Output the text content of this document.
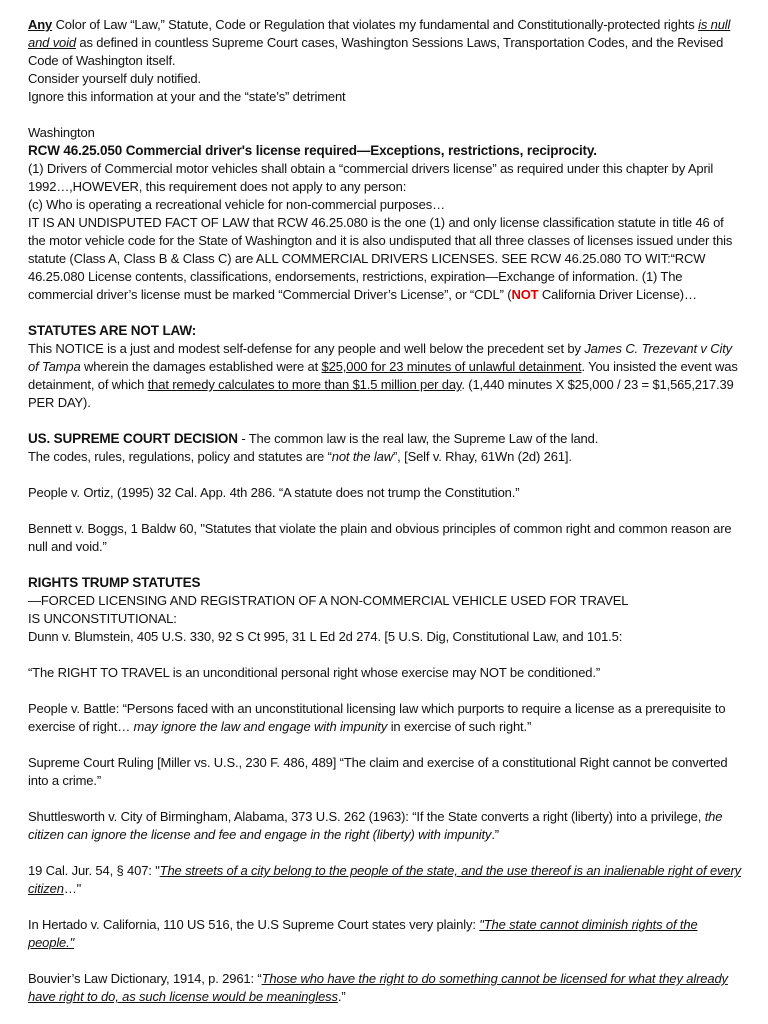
Any Color of Law “Law,” Statute, Code or Regulation that violates my fundamental and Constitutionally-protected rights is null and void as defined in countless Supreme Court cases, Washington Sessions Laws, Transportation Codes, and the Revised Code of Washington itself.

Consider yourself duly notified.

Ignore this information at your and the “state’s” detriment

Washington

RCW 46.25.050 Commercial driver's license required—Exceptions, restrictions, reciprocity.

(1) Drivers of Commercial motor vehicles shall obtain a “commercial drivers license” as required under this chapter by April 1992…,HOWEVER, this requirement does not apply to any person:

(c) Who is operating a recreational vehicle for non-commercial purposes…

IT IS AN UNDISPUTED FACT OF LAW that RCW 46.25.080 is the one (1) and only license classification statute in title 46 of the motor vehicle code for the State of Washington and it is also undisputed that all three classes of licenses issued under this statute (Class A, Class B & Class C) are ALL COMMERCIAL DRIVERS LICENSES. SEE RCW 46.25.080 TO WIT:“RCW 46.25.080 License contents, classifications, endorsements, restrictions, expiration—Exchange of information. (1) The commercial driver’s license must be marked “Commercial Driver’s License”, or “CDL” (NOT California Driver License)…

STATUTES ARE NOT LAW:

This NOTICE is a just and modest self-defense for any people and well below the precedent set by James C. Trezevant v City of Tampa wherein the damages established were at $25,000 for 23 minutes of unlawful detainment. You insisted the event was detainment, of which that remedy calculates to more than $1.5 million per day. (1,440 minutes X $25,000 / 23 = $1,565,217.39 PER DAY).

US. SUPREME COURT DECISION - The common law is the real law, the Supreme Law of the land.

The codes, rules, regulations, policy and statutes are “not the law”, [Self v. Rhay, 61Wn (2d) 261].

People v. Ortiz, (1995) 32 Cal. App. 4th 286. “A statute does not trump the Constitution.”

Bennett v. Boggs, 1 Baldw 60, "Statutes that violate the plain and obvious principles of common right and common reason are null and void.”

RIGHTS TRUMP STATUTES

—FORCED LICENSING AND REGISTRATION OF A NON-COMMERCIAL VEHICLE USED FOR TRAVEL

IS UNCONSTITUTIONAL:

Dunn v. Blumstein, 405 U.S. 330, 92 S Ct 995, 31 L Ed 2d 274. [5 U.S. Dig, Constitutional Law, and 101.5:

“The RIGHT TO TRAVEL is an unconditional personal right whose exercise may NOT be conditioned.”

People v. Battle: “Persons faced with an unconstitutional licensing law which purports to require a license as a prerequisite to exercise of right… may ignore the law and engage with impunity in exercise of such right.”

Supreme Court Ruling [Miller vs. U.S., 230 F. 486, 489] “The claim and exercise of a constitutional Right cannot be converted into a crime.”

Shuttlesworth v. City of Birmingham, Alabama, 373 U.S. 262 (1963): “If the State converts a right (liberty) into a privilege, the citizen can ignore the license and fee and engage in the right (liberty) with impunity.”

19 Cal. Jur. 54, § 407: "The streets of a city belong to the people of the state, and the use thereof is an inalienable right of every citizen…"

In Hertado v. California, 110 US 516, the U.S Supreme Court states very plainly: "The state cannot diminish rights of the people."

Bouvier’s Law Dictionary, 1914, p. 2961: “Those who have the right to do something cannot be licensed for what they already have right to do, as such license would be meaningless.”
